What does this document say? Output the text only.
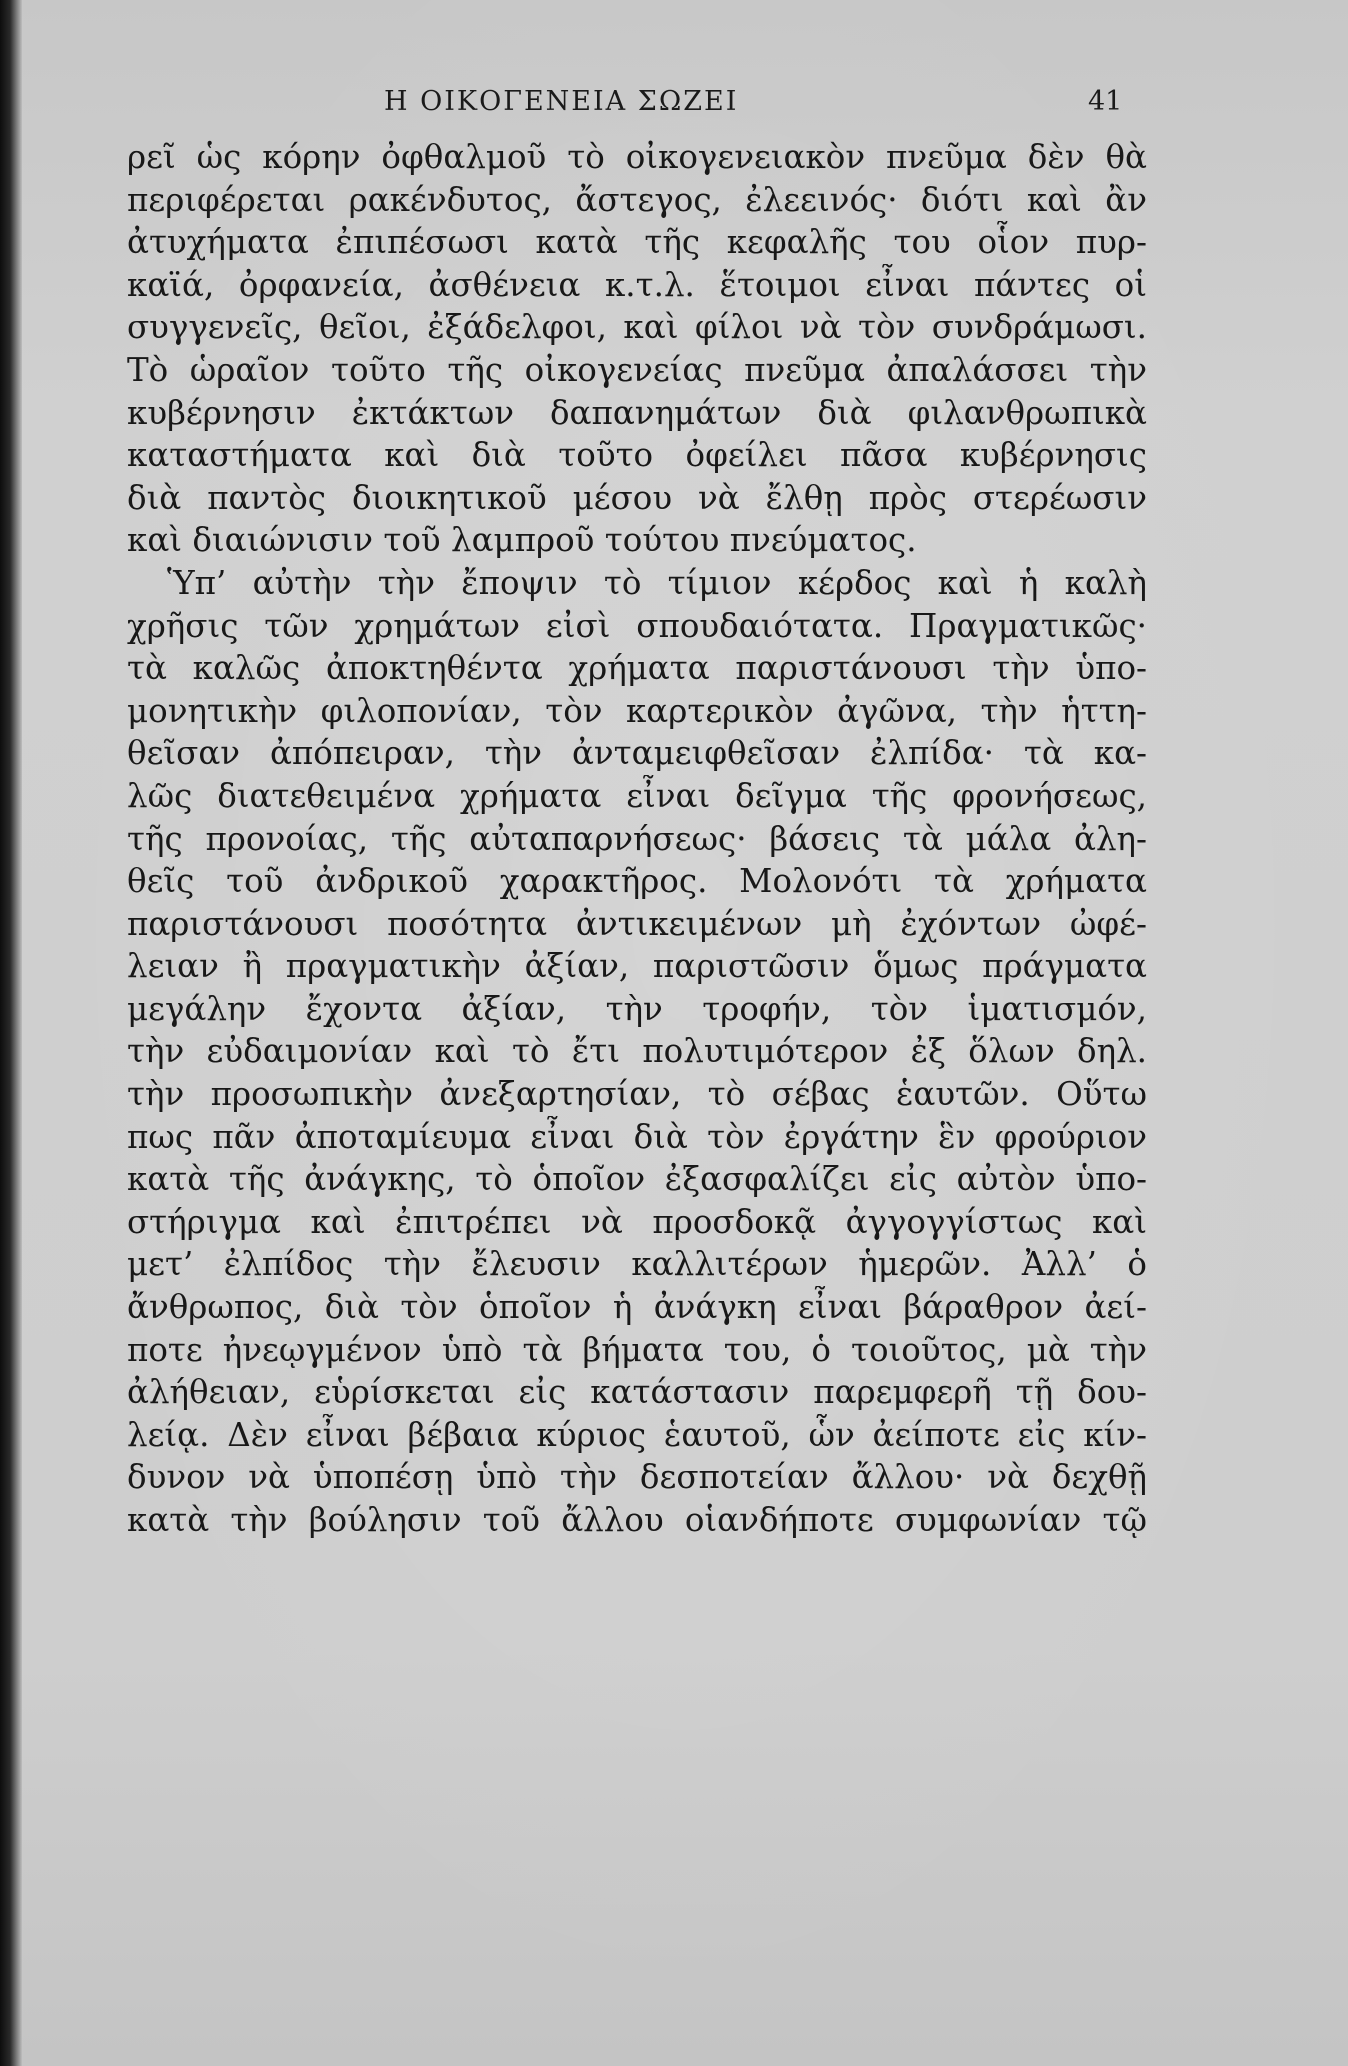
Η ΟΙΚΟΓΕΝΕΙΑ ΣΩΖΕΙ	41
ρεῖ ὡς κόρην ὀφθαλμοῦ τὸ οἰκογενειακὸν πνεῦμα δὲν θὰ
περιφέρεται ρακένδυτος, ἄστεγος, ἐλεεινός· διότι καὶ ἂν
ἀτυχήματα ἐπιπέσωσι κατὰ τῆς κεφαλῆς του οἷον πυρ-
καϊά, ὀρφανεία, ἀσθένεια κ.τ.λ. ἕτοιμοι εἶναι πάντες οἱ
συγγενεῖς, θεῖοι, ἐξάδελφοι, καὶ φίλοι νὰ τὸν συνδράμωσι.
Τὸ ὡραῖον τοῦτο τῆς οἰκογενείας πνεῦμα ἀπαλάσσει τὴν
κυβέρνησιν ἐκτάκτων δαπανημάτων διὰ φιλανθρωπικὰ
καταστήματα καὶ διὰ τοῦτο ὀφείλει πᾶσα κυβέρνησις
διὰ παντὸς διοικητικοῦ μέσου νὰ ἔλθῃ πρὸς στερέωσιν
καὶ διαιώνισιν τοῦ λαμπροῦ τούτου πνεύματος.
Ὑπ’ αὐτὴν τὴν ἔποψιν τὸ τίμιον κέρδος καὶ ἡ καλὴ
χρῆσις τῶν χρημάτων εἰσὶ σπουδαιότατα. Πραγματικῶς·
τὰ καλῶς ἀποκτηθέντα χρήματα παριστάνουσι τὴν ὑπο-
μονητικὴν φιλοπονίαν, τὸν καρτερικὸν ἀγῶνα, τὴν ἡττη-
θεῖσαν ἀπόπειραν, τὴν ἀνταμειφθεῖσαν ἐλπίδα· τὰ κα-
λῶς διατεθειμένα χρήματα εἶναι δεῖγμα τῆς φρονήσεως,
τῆς προνοίας, τῆς αὐταπαρνήσεως· βάσεις τὰ μάλα ἀλη-
θεῖς τοῦ ἀνδρικοῦ χαρακτῆρος. Μολονότι τὰ χρήματα
παριστάνουσι ποσότητα ἀντικειμένων μὴ ἐχόντων ὠφέ-
λειαν ἢ πραγματικὴν ἀξίαν, παριστῶσιν ὅμως πράγματα
μεγάλην ἔχοντα ἀξίαν, τὴν τροφήν, τὸν ἱματισμόν,
τὴν εὐδαιμονίαν καὶ τὸ ἔτι πολυτιμότερον ἐξ ὅλων δηλ.
τὴν προσωπικὴν ἀνεξαρτησίαν, τὸ σέβας ἑαυτῶν. Οὕτω
πως πᾶν ἀποταμίευμα εἶναι διὰ τὸν ἐργάτην ἓν φρούριον
κατὰ τῆς ἀνάγκης, τὸ ὁποῖον ἐξασφαλίζει εἰς αὐτὸν ὑπο-
στήριγμα καὶ ἐπιτρέπει νὰ προσδοκᾷ ἀγγογγίστως καὶ
μετ’ ἐλπίδος τὴν ἔλευσιν καλλιτέρων ἡμερῶν. Ἀλλ’ ὁ
ἄνθρωπος, διὰ τὸν ὁποῖον ἡ ἀνάγκη εἶναι βάραθρον ἀεί-
ποτε ἠνεῳγμένον ὑπὸ τὰ βήματα του, ὁ τοιοῦτος, μὰ τὴν
ἀλήθειαν, εὑρίσκεται εἰς κατάστασιν παρεμφερῆ τῇ δου-
λείᾳ. Δὲν εἶναι βέβαια κύριος ἑαυτοῦ, ὧν ἀείποτε εἰς κίν-
δυνον νὰ ὑποπέσῃ ὑπὸ τὴν δεσποτείαν ἄλλου· νὰ δεχθῇ
κατὰ τὴν βούλησιν τοῦ ἄλλου οἱανδήποτε συμφωνίαν τῷ
